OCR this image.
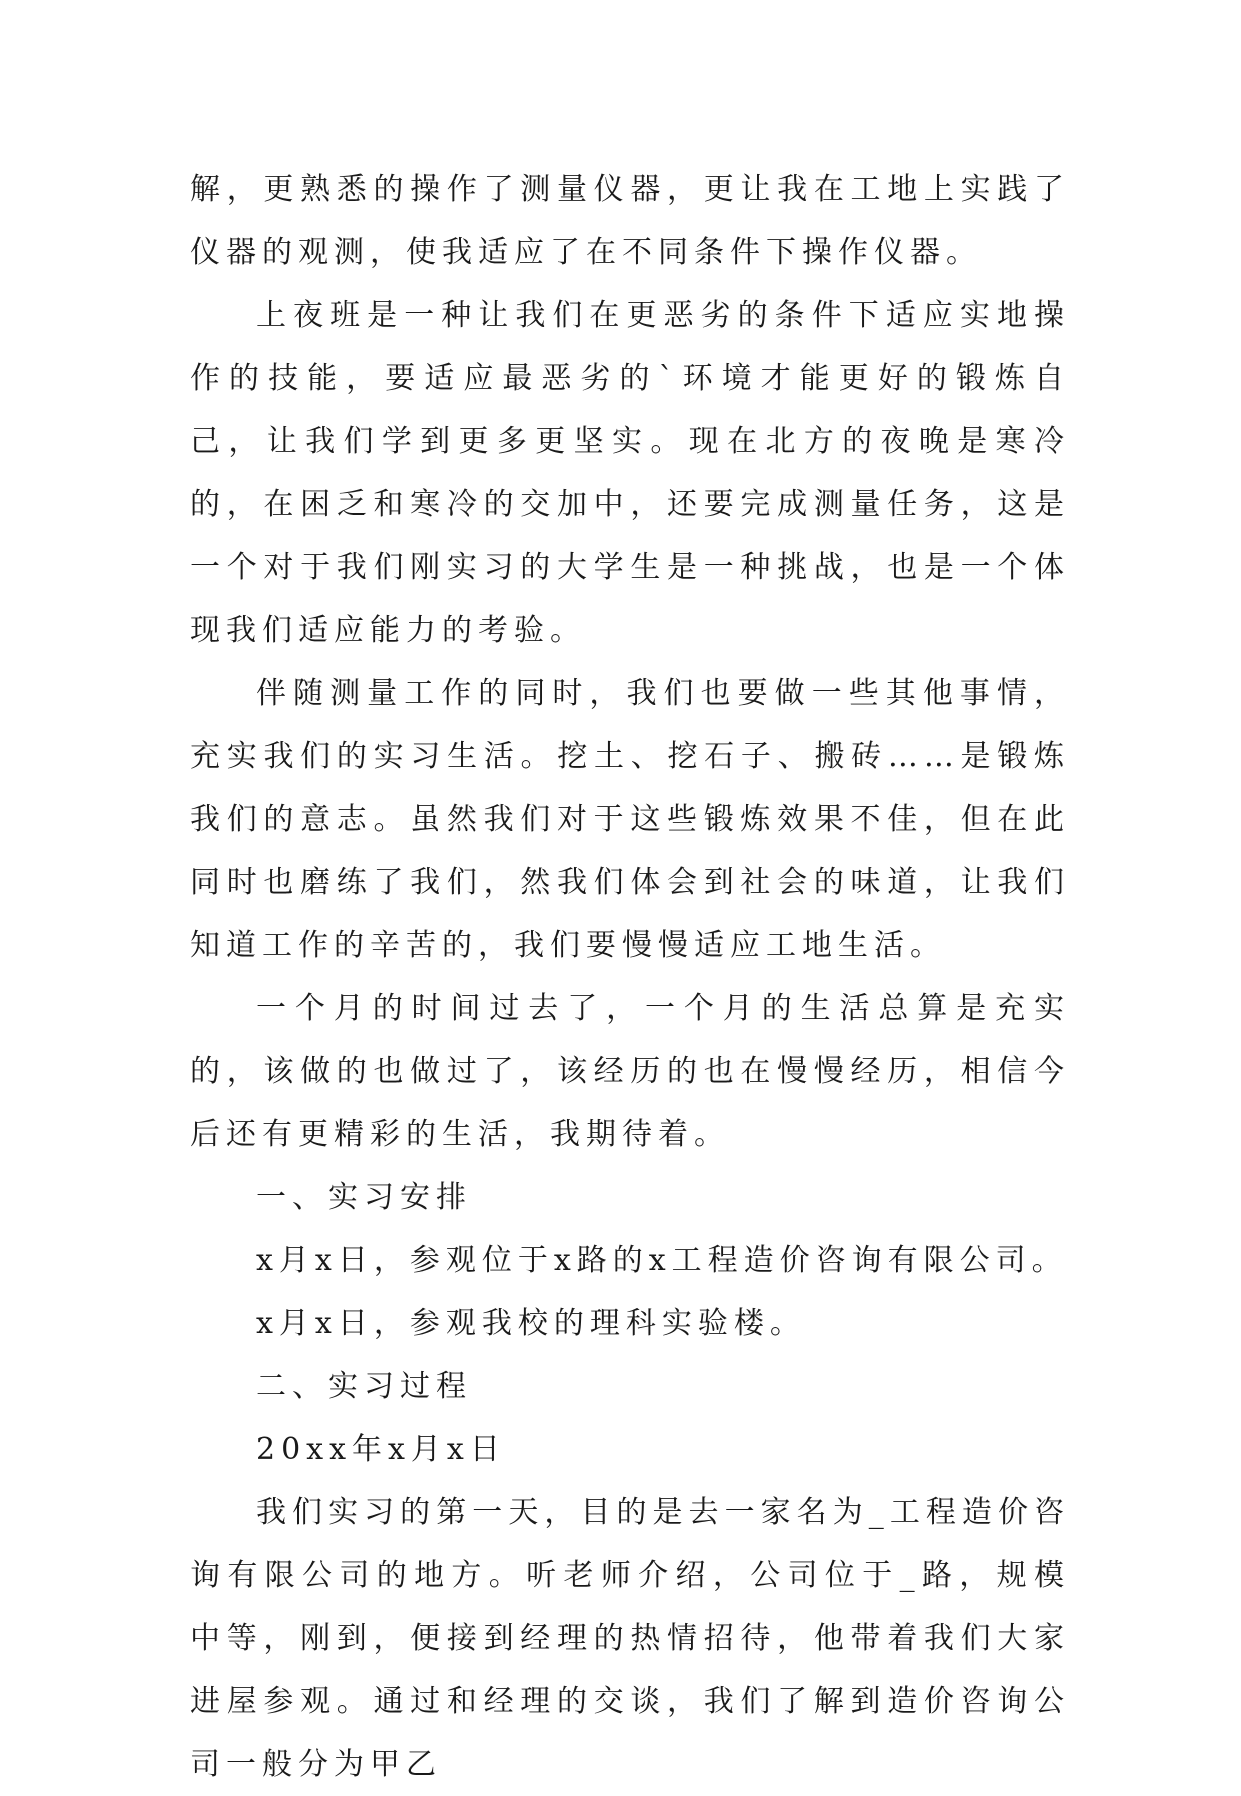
解，更熟悉的操作了测量仪器，更让我在工地上实践了仪器的观测，使我适应了在不同条件下操作仪器。

上夜班是一种让我们在更恶劣的条件下适应实地操作的技能，要适应最恶劣的`环境才能更好的锻炼自己，让我们学到更多更坚实。现在北方的夜晚是寒冷的，在困乏和寒冷的交加中，还要完成测量任务，这是一个对于我们刚实习的大学生是一种挑战，也是一个体现我们适应能力的考验。

伴随测量工作的同时，我们也要做一些其他事情，充实我们的实习生活。挖土、挖石子、搬砖……是锻炼我们的意志。虽然我们对于这些锻炼效果不佳，但在此同时也磨练了我们，然我们体会到社会的味道，让我们知道工作的辛苦的，我们要慢慢适应工地生活。

一个月的时间过去了，一个月的生活总算是充实的，该做的也做过了，该经历的也在慢慢经历，相信今后还有更精彩的生活，我期待着。

一、实习安排

x月x日，参观位于x路的x工程造价咨询有限公司。

x月x日，参观我校的理科实验楼。

二、实习过程

20xx年x月x日

我们实习的第一天，目的是去一家名为_工程造价咨询有限公司的地方。听老师介绍，公司位于_路，规模中等，刚到，便接到经理的热情招待，他带着我们大家进屋参观。通过和经理的交谈，我们了解到造价咨询公司一般分为甲乙
